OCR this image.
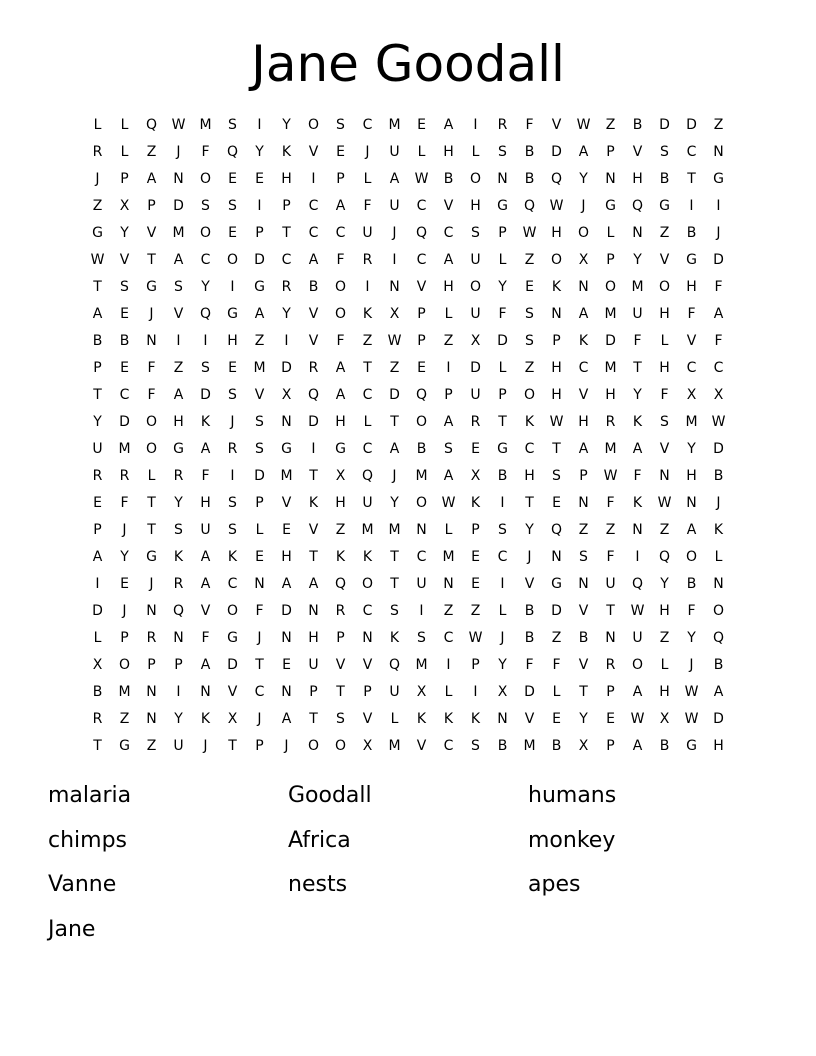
Jane Goodall
L	L	Q	W	M	S	I	Y	O	S	C	M	E	A	I	R	F	V	W	Z	B	D	D	Z
R	L	Z	J	F	Q	Y	K	V	E	J	U	L	H	L	S	B	D	A	P	V	S	C	N
J	P	A	N	O	E	E	H	I	P	L	A	W	B	O	N	B	Q	Y	N	H	B	T	G
Z	X	P	D	S	S	I	P	C	A	F	U	C	V	H	G	Q	W	J	G	Q	G	I	I
G	Y	V	M	O	E	P	T	C	C	U	J	Q	C	S	P	W	H	O	L	N	Z	B	J
W	V	T	A	C	O	D	C	A	F	R	I	C	A	U	L	Z	O	X	P	Y	V	G	D
T	S	G	S	Y	I	G	R	B	O	I	N	V	H	O	Y	E	K	N	O	M	O	H	F
A	E	J	V	Q	G	A	Y	V	O	K	X	P	L	U	F	S	N	A	M	U	H	F	A
B	B	N	I	I	H	Z	I	V	F	Z	W	P	Z	X	D	S	P	K	D	F	L	V	F
P	E	F	Z	S	E	M	D	R	A	T	Z	E	I	D	L	Z	H	C	M	T	H	C	C
T	C	F	A	D	S	V	X	Q	A	C	D	Q	P	U	P	O	H	V	H	Y	F	X	X
Y	D	O	H	K	J	S	N	D	H	L	T	O	A	R	T	K	W	H	R	K	S	M	W
U	M	O	G	A	R	S	G	I	G	C	A	B	S	E	G	C	T	A	M	A	V	Y	D
R	R	L	R	F	I	D	M	T	X	Q	J	M	A	X	B	H	S	P	W	F	N	H	B
E	F	T	Y	H	S	P	V	K	H	U	Y	O	W	K	I	T	E	N	F	K	W	N	J
P	J	T	S	U	S	L	E	V	Z	M	M	N	L	P	S	Y	Q	Z	Z	N	Z	A	K
A	Y	G	K	A	K	E	H	T	K	K	T	C	M	E	C	J	N	S	F	I	Q	O	L
I	E	J	R	A	C	N	A	A	Q	O	T	U	N	E	I	V	G	N	U	Q	Y	B	N
D	J	N	Q	V	O	F	D	N	R	C	S	I	Z	Z	L	B	D	V	T	W	H	F	O
L	P	R	N	F	G	J	N	H	P	N	K	S	C	W	J	B	Z	B	N	U	Z	Y	Q
X	O	P	P	A	D	T	E	U	V	V	Q	M	I	P	Y	F	F	V	R	O	L	J	B
B	M	N	I	N	V	C	N	P	T	P	U	X	L	I	X	D	L	T	P	A	H	W	A
R	Z	N	Y	K	X	J	A	T	S	V	L	K	K	K	N	V	E	Y	E	W	X	W	D
T	G	Z	U	J	T	P	J	O	O	X	M	V	C	S	B	M	B	X	P	A	B	G	H
malaria	Goodall	humans
chimps	Africa	monkey
Vanne	nests	apes
Jane
